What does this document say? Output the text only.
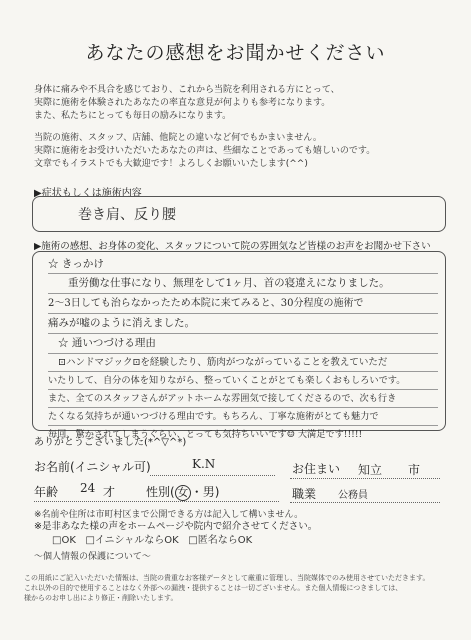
あなたの感想をお聞かせください
身体に痛みや不具合を感じており、これから当院を利用される方にとって、
実際に施術を体験されたあなたの率直な意見が何よりも参考になります。
また、私たちにとっても毎日の励みになります。
当院の施術、スタッフ、店舗、他院との違いなど何でもかまいません。
実際に施術をお受けいただいたあなたの声は、些細なことであっても嬉しいのです。
文章でもイラストでも大歓迎です！よろしくお願いいたします(^^)
▶症状もしくは施術内容
巻き肩、反り腰
▶施術の感想、お身体の変化、スタッフについて院の雰囲気など皆様のお声をお聞かせ下さい
☆ きっかけ
重労働な仕事になり、無理をして1ヶ月、首の寝違えになりました。
2〜3日しても治らなかったため本院に来てみると、30分程度の施術で
痛みが嘘のように消えました。
☆ 通いつづける理由
⊡ハンドマジック⊡を経験したり、筋肉がつながっていることを教えていただ
いたりして、自分の体を知りながら、整っていくことがとても楽しくおもしろいです。
また、全てのスタッフさんがアットホームな雰囲気で接してくださるので、次も行き
たくなる気持ちが通いつづける理由です。もちろん、丁寧な施術がとても魅力で
毎回、驚かされてしまうぐらい、とっても気持ちいいです☺ 大満足です!!!!!
ありがとうございました(*^▽^*)
お名前(イニシャル可)	K.N	お住まい 知立 市
年齢 24 才	性別( 女 ・男)	職業 公務員
※名前や住所は市町村区まで公開できる方は記入して構いません。
※是非あなた様の声をホームページや院内で紹介させてください。
□OK □イニシャルならOK □匿名ならOK
〜個人情報の保護について〜
この用紙にご記入いただいた情報は、当院の貴重なお客様データとして厳重に管理し、当院媒体でのみ使用させていただきます。
これ以外の目的で使用することはなく外部への漏洩・提供することは一切ございません。また個人情報につきましては、
様からのお申し出により修正・削除いたします。
